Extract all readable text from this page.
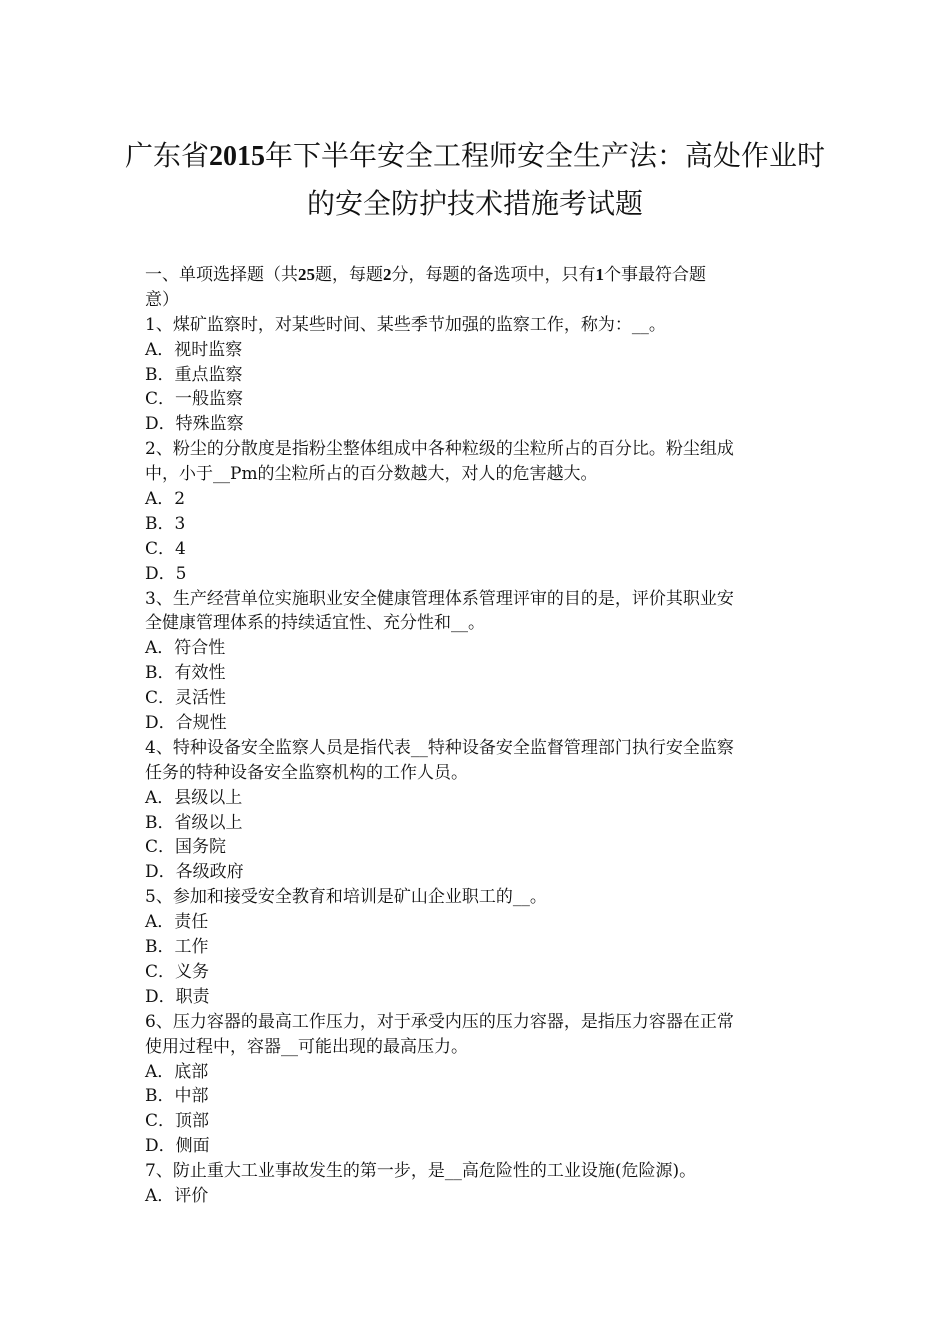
广东省2015年下半年安全工程师安全生产法：高处作业时
的安全防护技术措施考试题
一、单项选择题（共25题，每题2分，每题的备选项中，只有1个事最符合题
意）
1、煤矿监察时，对某些时间、某些季节加强的监察工作，称为：__。
A．视时监察
B．重点监察
C．一般监察
D．特殊监察
2、粉尘的分散度是指粉尘整体组成中各种粒级的尘粒所占的百分比。粉尘组成
中，小于__Pm的尘粒所占的百分数越大，对人的危害越大。
A．2
B．3
C．4
D．5
3、生产经营单位实施职业安全健康管理体系管理评审的目的是，评价其职业安
全健康管理体系的持续适宜性、充分性和__。
A．符合性
B．有效性
C．灵活性
D．合规性
4、特种设备安全监察人员是指代表__特种设备安全监督管理部门执行安全监察
任务的特种设备安全监察机构的工作人员。
A．县级以上
B．省级以上
C．国务院
D．各级政府
5、参加和接受安全教育和培训是矿山企业职工的__。
A．责任
B．工作
C．义务
D．职责
6、压力容器的最高工作压力，对于承受内压的压力容器，是指压力容器在正常
使用过程中，容器__可能出现的最高压力。
A．底部
B．中部
C．顶部
D．侧面
7、防止重大工业事故发生的第一步，是__高危险性的工业设施(危险源)。
A．评价
